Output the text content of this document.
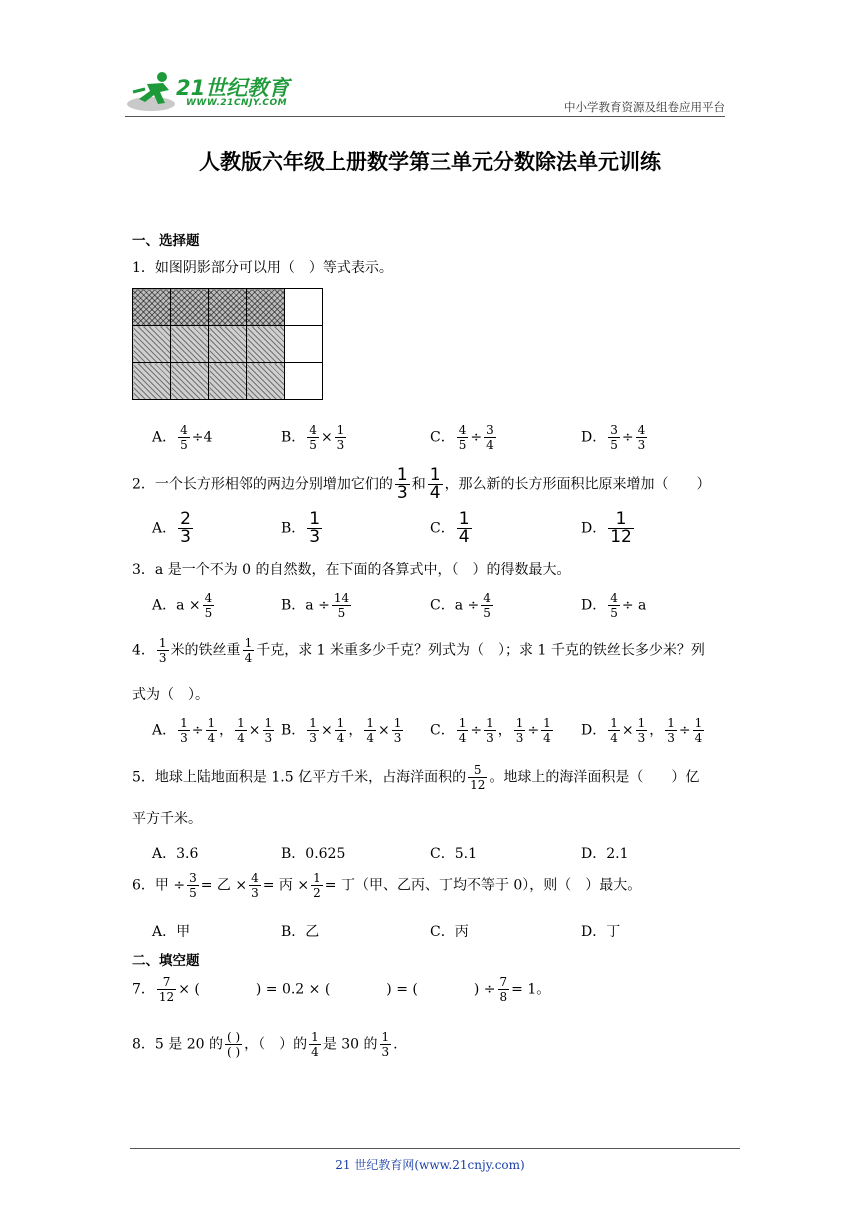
21世纪教育
WWW.21CNJY.COM	中小学教育资源及组卷应用平台
人教版六年级上册数学第三单元分数除法单元训练
一、选择题
1．如图阴影部分可以用（　）等式表示。

A． $\frac{4}{5} \div 4$	B． $\frac{4}{5} \times \frac{1}{3}$	C． $\frac{4}{5} \div \frac{3}{4}$	D． $\frac{3}{5} \div \frac{4}{3}$
2．一个长方形相邻的两边分别增加它们的 $\frac{1}{3}$ 和 $\frac{1}{4}$ ，那么新的长方形面积比原来增加（　　）
A． $\frac{2}{3}$	B． $\frac{1}{3}$	C． $\frac{1}{4}$	D． $\frac{1}{12}$
3．a 是一个不为 0 的自然数，在下面的各算式中，（　）的得数最大。
A．$a \times \frac{4}{5}$	B．$a \div \frac{14}{5}$	C．$a \div \frac{4}{5}$	D． $\frac{4}{5} \div a$
4． $\frac{1}{3}$ 米的铁丝重 $\frac{1}{4}$ 千克，求 1 米重多少千克？列式为（　）；求 1 千克的铁丝长多少米？列
式为（　）。
A． $\frac{1}{3} \div \frac{1}{4}$ ， $\frac{1}{4} \times \frac{1}{3}$ B． $\frac{1}{3} \times \frac{1}{4}$ ， $\frac{1}{4} \times \frac{1}{3}$ C． $\frac{1}{4} \div \frac{1}{3}$ ， $\frac{1}{3} \div \frac{1}{4}$ D． $\frac{1}{4} \times \frac{1}{3}$ ， $\frac{1}{3} \div \frac{1}{4}$
5．地球上陆地面积是 1.5 亿平方千米，占海洋面积的 $\frac{5}{12}$ 。地球上的海洋面积是（　　）亿
平方千米。
A．3.6	B．0.625	C．5.1	D．2.1
6．甲 ÷ $\frac{3}{5}$ = 乙 × $\frac{4}{3}$ = 丙 × $\frac{1}{2}$ = 丁（甲、乙丙、丁均不等于 0），则（　）最大。
A．甲	B．乙	C．丙	D．丁
二、填空题
7． $\frac{7}{12}$ × (　　　　) = 0.2 × (　　　　) = (　　　　) ÷ $\frac{7}{8} = 1$。
8．5 是 20 的 $\frac{( )}{( )}$ ，（　）的 $\frac{1}{4}$ 是 30 的 $\frac{1}{3}$ .
21 世纪教育网(www.21cnjy.com)
